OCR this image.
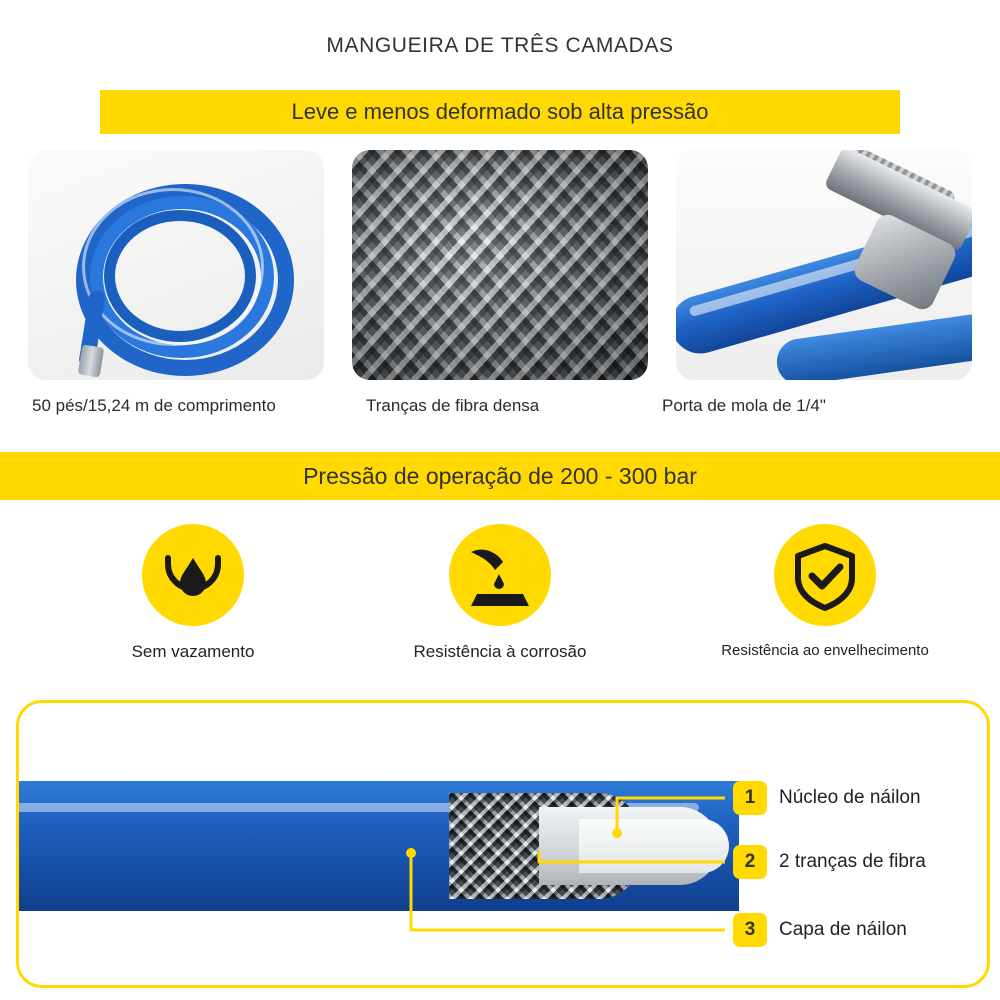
MANGUEIRA DE TRÊS CAMADAS
Leve e menos deformado sob alta pressão
50 pés/15,24 m de comprimento	Tranças de fibra densa	Porta de mola de 1/4"
Pressão de operação de 200 - 300 bar
Sem vazamento	Resistência à corrosão	Resistência ao envelhecimento
1	Núcleo de náilon
2	2 tranças de fibra
3	Capa de náilon
